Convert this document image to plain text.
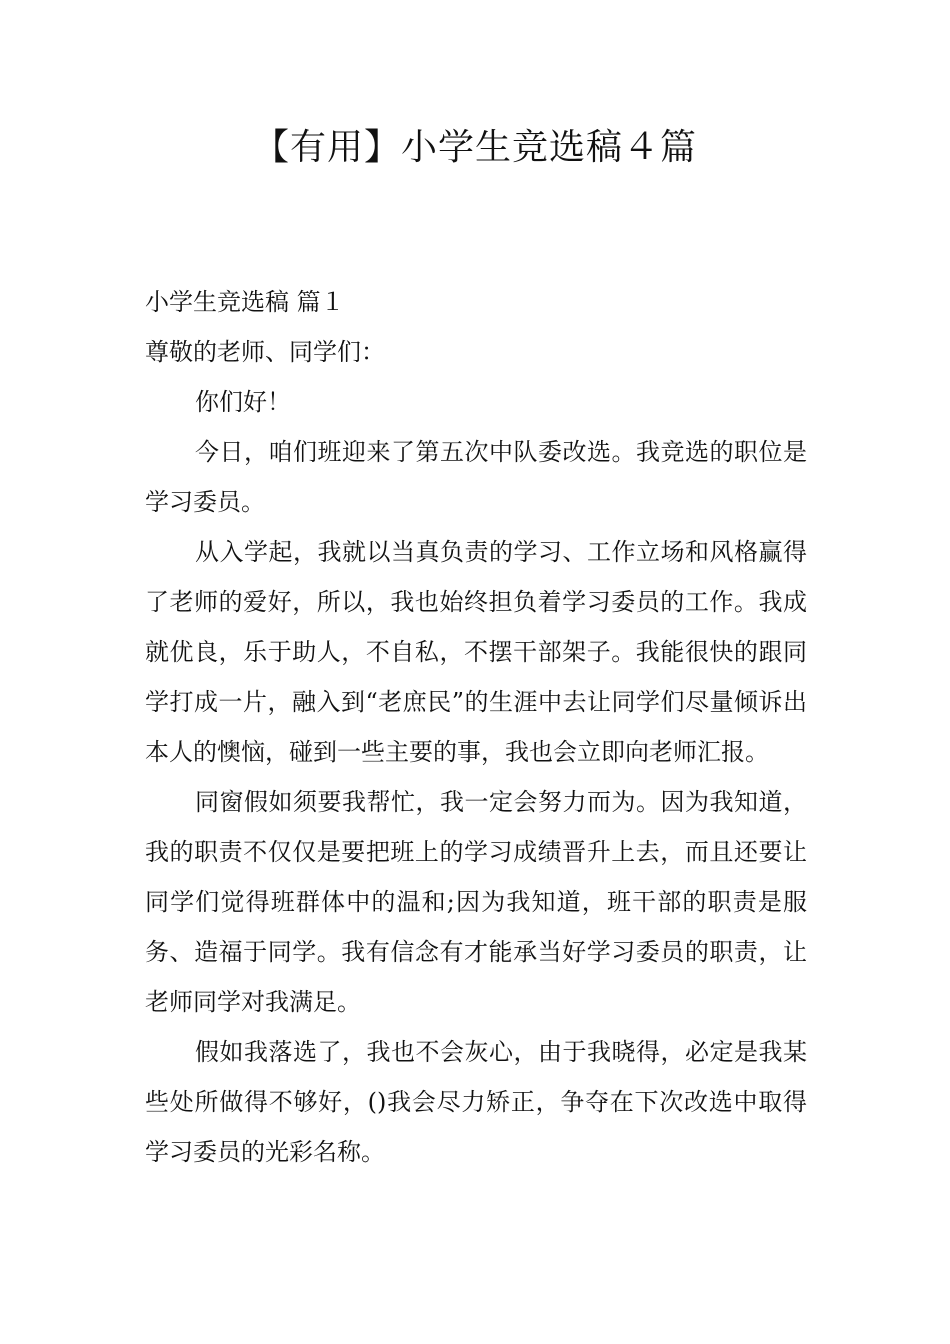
【有用】小学生竞选稿４篇

小学生竞选稿 篇１

尊敬的老师、同学们：

你们好！

今日，咱们班迎来了第五次中队委改选。我竞选的职位是学习委员。

从入学起，我就以当真负责的学习、工作立场和风格赢得了老师的爱好，所以，我也始终担负着学习委员的工作。我成就优良，乐于助人，不自私，不摆干部架子。我能很快的跟同学打成一片，融入到“老庶民”的生涯中去让同学们尽量倾诉出本人的懊恼，碰到一些主要的事，我也会立即向老师汇报。

同窗假如须要我帮忙，我一定会努力而为。因为我知道，我的职责不仅仅是要把班上的学习成绩晋升上去，而且还要让同学们觉得班群体中的温和;因为我知道，班干部的职责是服务、造福于同学。我有信念有才能承当好学习委员的职责，让老师同学对我满足。

假如我落选了，我也不会灰心，由于我晓得，必定是我某些处所做得不够好，()我会尽力矫正，争夺在下次改选中取得学习委员的光彩名称。
